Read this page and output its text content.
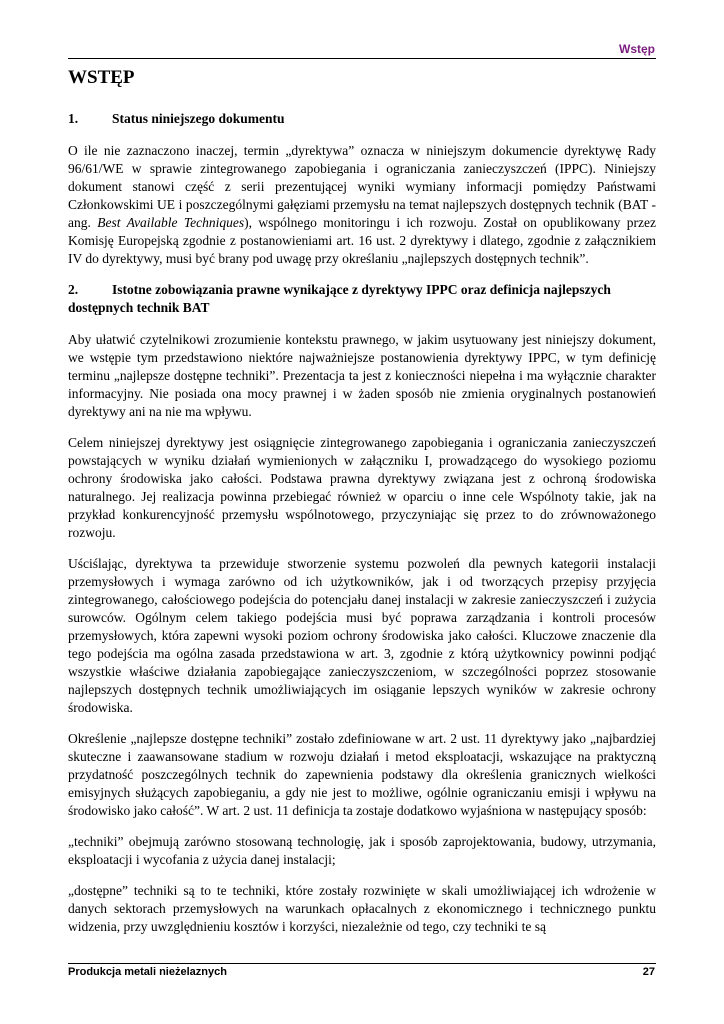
Wstęp
WSTĘP
1.	Status niniejszego dokumentu

O ile nie zaznaczono inaczej, termin „dyrektywa” oznacza w niniejszym dokumencie dyrektywę Rady 96/61/WE w sprawie zintegrowanego zapobiegania i ograniczania zanieczyszczeń (IPPC). Niniejszy dokument stanowi część z serii prezentującej wyniki wymiany informacji pomiędzy Państwami Członkowskimi UE i poszczególnymi gałęziami przemysłu na temat najlepszych dostępnych technik (BAT - ang. Best Available Techniques), wspólnego monitoringu i ich rozwoju. Został on opublikowany przez Komisję Europejską zgodnie z postanowieniami art. 16 ust. 2 dyrektywy i dlatego, zgodnie z załącznikiem IV do dyrektywy, musi być brany pod uwagę przy określaniu „najlepszych dostępnych technik”.

2.	Istotne zobowiązania prawne wynikające z dyrektywy IPPC oraz definicja najlepszych dostępnych technik BAT

Aby ułatwić czytelnikowi zrozumienie kontekstu prawnego, w jakim usytuowany jest niniejszy dokument, we wstępie tym przedstawiono niektóre najważniejsze postanowienia dyrektywy IPPC, w tym definicję terminu „najlepsze dostępne techniki”. Prezentacja ta jest z konieczności niepełna i ma wyłącznie charakter informacyjny. Nie posiada ona mocy prawnej i w żaden sposób nie zmienia oryginalnych postanowień dyrektywy ani na nie ma wpływu.

Celem niniejszej dyrektywy jest osiągnięcie zintegrowanego zapobiegania i ograniczania zanieczyszczeń powstających w wyniku działań wymienionych w załączniku I, prowadzącego do wysokiego poziomu ochrony środowiska jako całości. Podstawa prawna dyrektywy związana jest z ochroną środowiska naturalnego. Jej realizacja powinna przebiegać również w oparciu o inne cele Wspólnoty takie, jak na przykład konkurencyjność przemysłu wspólnotowego, przyczyniając się przez to do zrównoważonego rozwoju.

Uściślając, dyrektywa ta przewiduje stworzenie systemu pozwoleń dla pewnych kategorii instalacji przemysłowych i wymaga zarówno od ich użytkowników, jak i od tworzących przepisy przyjęcia zintegrowanego, całościowego podejścia do potencjału danej instalacji w zakresie zanieczyszczeń i zużycia surowców. Ogólnym celem takiego podejścia musi być poprawa zarządzania i kontroli procesów przemysłowych, która zapewni wysoki poziom ochrony środowiska jako całości. Kluczowe znaczenie dla tego podejścia ma ogólna zasada przedstawiona w art. 3, zgodnie z którą użytkownicy powinni podjąć wszystkie właściwe działania zapobiegające zanieczyszczeniom, w szczególności poprzez stosowanie najlepszych dostępnych technik umożliwiających im osiąganie lepszych wyników w zakresie ochrony środowiska.

Określenie „najlepsze dostępne techniki” zostało zdefiniowane w art. 2 ust. 11 dyrektywy jako „najbardziej skuteczne i zaawansowane stadium w rozwoju działań i metod eksploatacji, wskazujące na praktyczną przydatność poszczególnych technik do zapewnienia podstawy dla określenia granicznych wielkości emisyjnych służących zapobieganiu, a gdy nie jest to możliwe, ogólnie ograniczaniu emisji i wpływu na środowisko jako całość”. W art. 2 ust. 11 definicja ta zostaje dodatkowo wyjaśniona w następujący sposób:

„techniki” obejmują zarówno stosowaną technologię, jak i sposób zaprojektowania, budowy, utrzymania, eksploatacji i wycofania z użycia danej instalacji;

„dostępne” techniki są to te techniki, które zostały rozwinięte w skali umożliwiającej ich wdrożenie w danych sektorach przemysłowych na warunkach opłacalnych z ekonomicznego i technicznego punktu widzenia, przy uwzględnieniu kosztów i korzyści, niezależnie od tego, czy techniki te są

Produkcja metali nieżelaznych	27
